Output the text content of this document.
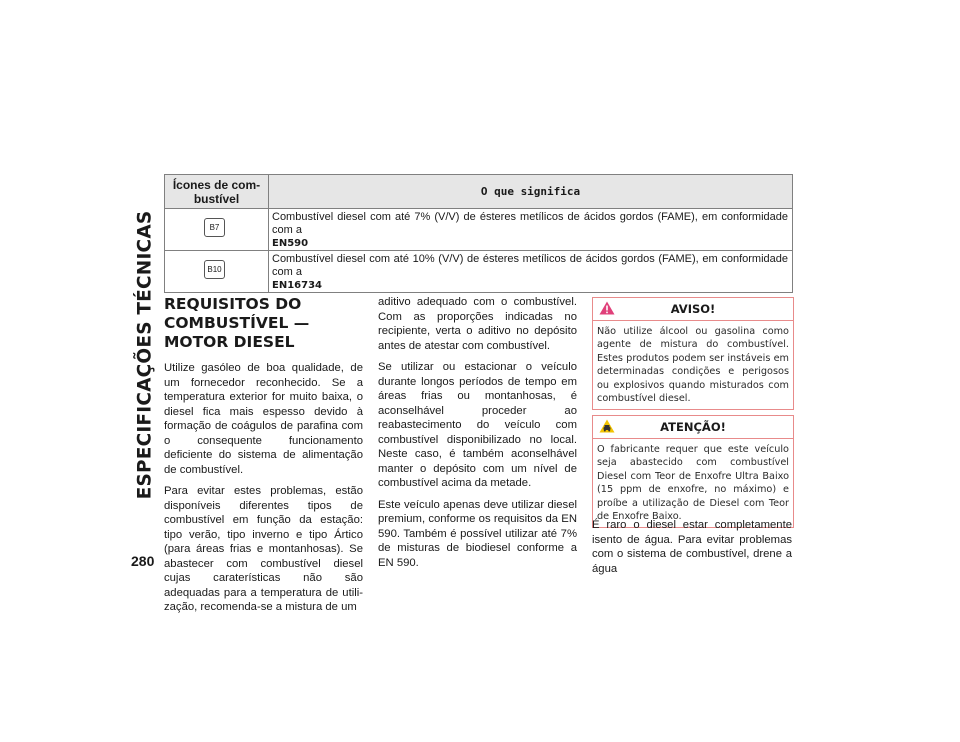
ESPECIFICAÇÕES TÉCNICAS
280
Ícones de com-
bustível	O que significa

B7	Combustível diesel com até 7% (V/V) de ésteres metílicos de ácidos gordos (FAME), em conformidade com a
EN590

B10	Combustível diesel com até 10% (V/V) de ésteres metílicos de ácidos gordos (FAME), em conformidade com a
EN16734
REQUISITOS DO COMBUSTÍVEL — MOTOR DIESEL

Utilize gasóleo de boa qualidade, de um fornecedor reconhecido. Se a temperatura exterior for muito baixa, o diesel fica mais espesso devido à formação de coágulos de parafina com o consequente funcionamento deficiente do sistema de alimentação de combustível.

Para evitar estes problemas, estão disponíveis diferentes tipos de combustível em função da estação: tipo verão, tipo inverno e tipo Ártico (para áreas frias e montanhosas). Se abastecer com combustível diesel cujas caraterísticas não são adequadas para a temperatura de utili-zação, recomenda-se a mistura de um

aditivo adequado com o combustível. Com as proporções indicadas no recipiente, verta o aditivo no depósito antes de atestar com combustível.

Se utilizar ou estacionar o veículo durante longos períodos de tempo em áreas frias ou montanhosas, é aconselhável proceder ao reabastecimento do veículo com combustível disponibilizado no local. Neste caso, é também aconselhável manter o depósito com um nível de combustível acima da metade.

Este veículo apenas deve utilizar diesel premium, conforme os requisitos da EN 590. Também é possível utilizar até 7% de misturas de biodiesel conforme a EN 590.

AVISO!
Não utilize álcool ou gasolina como agente de mistura do combustível. Estes produtos podem ser instáveis em determinadas condições e perigosos ou explosivos quando misturados com combustível diesel.
ATENÇÃO!
O fabricante requer que este veículo seja abastecido com combustível Diesel com Teor de Enxofre Ultra Baixo (15 ppm de enxofre, no máximo) e proíbe a utilização de Diesel com Teor de Enxofre Baixo.

É raro o diesel estar completamente isento de água. Para evitar problemas com o sistema de combustível, drene a água
